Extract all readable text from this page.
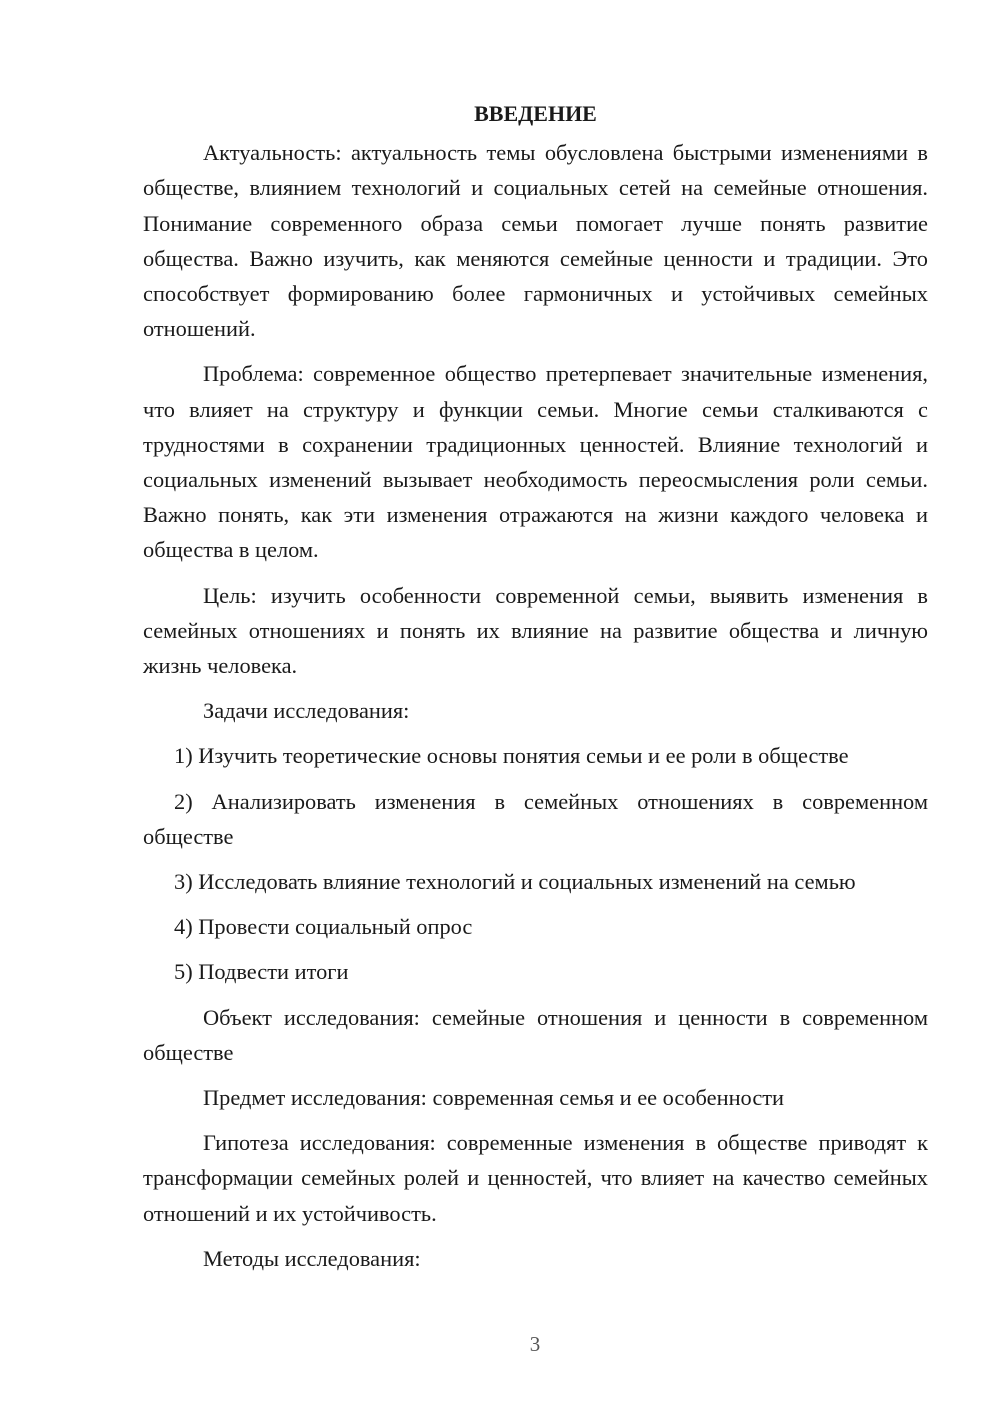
ВВЕДЕНИЕ

Актуальность: актуальность темы обусловлена быстрыми изменениями в обществе, влиянием технологий и социальных сетей на семейные отношения. Понимание современного образа семьи помогает лучше понять развитие общества. Важно изучить, как меняются семейные ценности и традиции. Это способствует формированию более гармоничных и устойчивых семейных отношений.

Проблема: современное общество претерпевает значительные изменения, что влияет на структуру и функции семьи. Многие семьи сталкиваются с трудностями в сохранении традиционных ценностей. Влияние технологий и социальных изменений вызывает необходимость переосмысления роли семьи. Важно понять, как эти изменения отражаются на жизни каждого человека и общества в целом.

Цель: изучить особенности современной семьи, выявить изменения в семейных отношениях и понять их влияние на развитие общества и личную жизнь человека.

Задачи исследования:

1) Изучить теоретические основы понятия семьи и ее роли в обществе

2) Анализировать изменения в семейных отношениях в современном обществе

3) Исследовать влияние технологий и социальных изменений на семью

4) Провести социальный опрос

5) Подвести итоги

Объект исследования: семейные отношения и ценности в современном обществе

Предмет исследования: современная семья и ее особенности

Гипотеза исследования: современные изменения в обществе приводят к трансформации семейных ролей и ценностей, что влияет на качество семейных отношений и их устойчивость.

Методы исследования:

3
